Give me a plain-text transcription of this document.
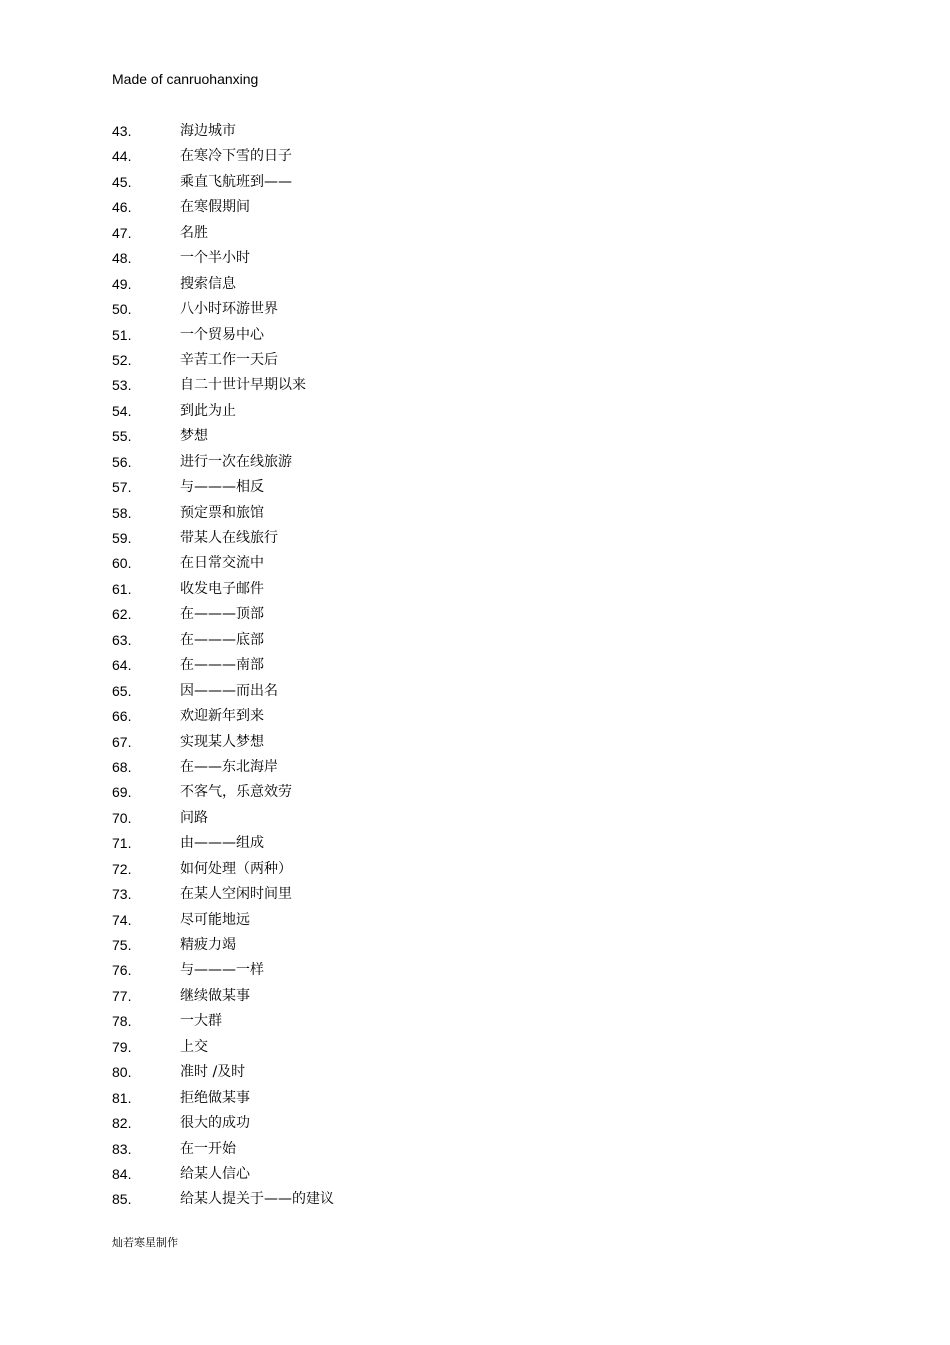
Made of canruohanxing
43.	海边城市
44.	在寒冷下雪的日子
45.	乘直飞航班到——
46.	在寒假期间
47.	名胜
48.	一个半小时
49.	搜索信息
50.	八小时环游世界
51.	一个贸易中心
52.	辛苦工作一天后
53.	自二十世计早期以来
54.	到此为止
55.	梦想
56.	进行一次在线旅游
57.	与———相反
58.	预定票和旅馆
59.	带某人在线旅行
60.	在日常交流中
61.	收发电子邮件
62.	在———顶部
63.	在———底部
64.	在———南部
65.	因———而出名
66.	欢迎新年到来
67.	实现某人梦想
68.	在——东北海岸
69.	不客气，乐意效劳
70.	问路
71.	由———组成
72.	如何处理（两种）
73.	在某人空闲时间里
74.	尽可能地远
75.	精疲力竭
76.	与———一样
77.	继续做某事
78.	一大群
79.	上交
80.	准时 /及时
81.	拒绝做某事
82.	很大的成功
83.	在一开始
84.	给某人信心
85.	给某人提关于——的建议
灿若寒星制作
